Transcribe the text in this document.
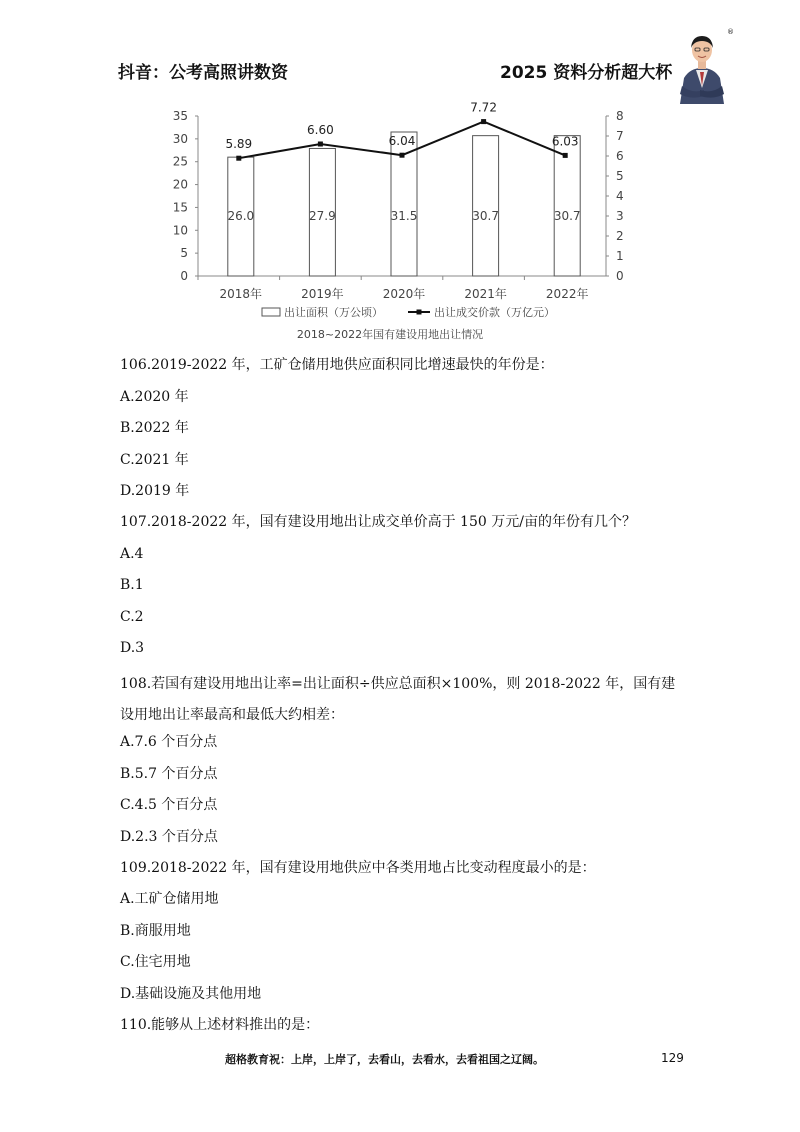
抖音：公考高照讲数资	2025 资料分析超大杯
®
0
5
10
15
20
25
30
35
0
1
2
3
4
5
6
7
8
26.0	27.9	31.5	30.7	30.7
2018年	2019年	2020年	2021年	2022年
5.89
6.60
6.04
7.72
6.03
出让面积（万公顷）	出让成交价款（万亿元）
2018~2022年国有建设用地出让情况
106.2019-2022 年，工矿仓储用地供应面积同比增速最快的年份是：
A.2020 年
B.2022 年
C.2021 年
D.2019 年
107.2018-2022 年，国有建设用地出让成交单价高于 150 万元/亩的年份有几个？
A.4
B.1
C.2
D.3
108.若国有建设用地出让率=出让面积÷供应总面积×100%，则 2018-2022 年，国有建设用地出让率最高和最低大约相差：
A.7.6 个百分点
B.5.7 个百分点
C.4.5 个百分点
D.2.3 个百分点
109.2018-2022 年，国有建设用地供应中各类用地占比变动程度最小的是：
A.工矿仓储用地
B.商服用地
C.住宅用地
D.基础设施及其他用地
110.能够从上述材料推出的是：
超格教育祝：上岸，上岸了，去看山，去看水，去看祖国之辽阔。	129
